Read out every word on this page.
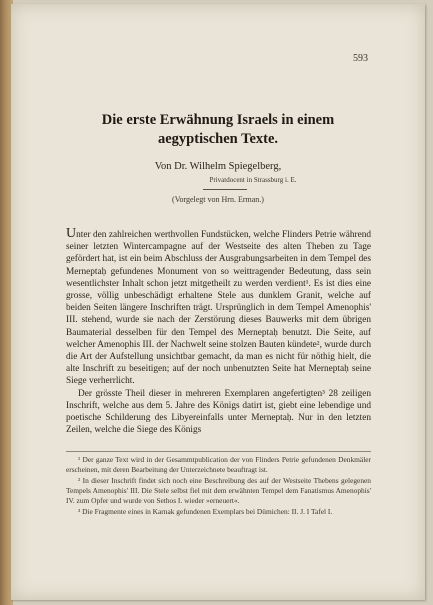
593
Die erste Erwähnung Israels in einem
aegyptischen Texte.
Von Dr. Wilhelm Spiegelberg,
Privatdocent in Strassburg i. E.
(Vorgelegt von Hrn. Erman.)

Unter den zahlreichen werthvollen Fundstücken, welche Flinders Petrie während seiner letzten Wintercampagne auf der Westseite des alten Theben zu Tage gefördert hat, ist ein beim Abschluss der Ausgrabungsarbeiten in dem Tempel des Merneptaḥ gefundenes Monument von so weittragender Bedeutung, dass sein wesentlichster Inhalt schon jetzt mitgetheilt zu werden verdient¹. Es ist dies eine grosse, völlig unbeschädigt erhaltene Stele aus dunklem Granit, welche auf beiden Seiten längere Inschriften trägt. Ursprünglich in dem Tempel Amenophis' III. stehend, wurde sie nach der Zerstörung dieses Bauwerks mit dem übrigen Baumaterial desselben für den Tempel des Merneptaḥ benutzt. Die Seite, auf welcher Amenophis III. der Nachwelt seine stolzen Bauten kündete², wurde durch die Art der Aufstellung unsichtbar gemacht, da man es nicht für nöthig hielt, die alte Inschrift zu beseitigen; auf der noch unbenutzten Seite hat Merneptaḥ seine Siege verherrlicht.

Der grösste Theil dieser in mehreren Exemplaren angefertigten³ 28 zeiligen Inschrift, welche aus dem 5. Jahre des Königs datirt ist, giebt eine lebendige und poetische Schilderung des Libyereinfalls unter Merneptaḥ. Nur in den letzten Zeilen, welche die Siege des Königs

¹ Der ganze Text wird in der Gesammtpublication der von Flinders Petrie gefundenen Denkmäler erscheinen, mit deren Bearbeitung der Unterzeichnete beauftragt ist.

² In dieser Inschrift findet sich noch eine Beschreibung des auf der Westseite Thebens gelegenen Tempels Amenophis' III. Die Stele selbst fiel mit dem erwähnten Tempel dem Fanatismus Amenophis' IV. zum Opfer und wurde von Sethos I. wieder »erneuert«.

³ Die Fragmente eines in Karnak gefundenen Exemplars bei Dümichen: II. J. I Tafel I.
